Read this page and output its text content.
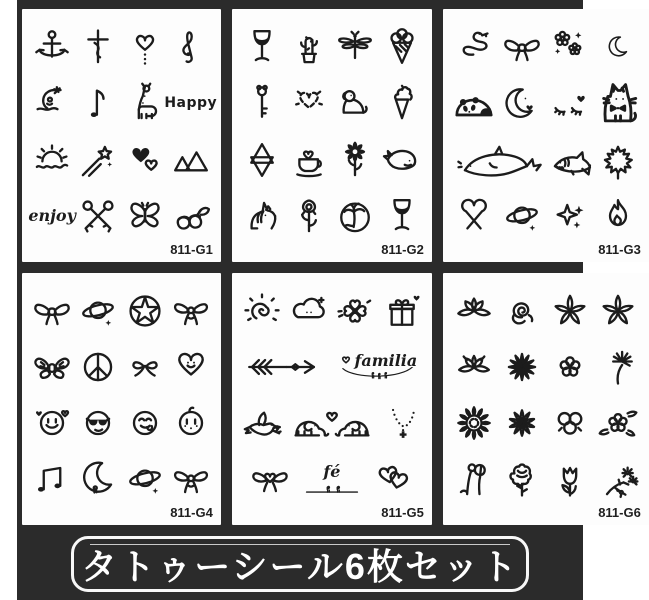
Happy
enjoy
811-G1	811-G2	811-G3
811-G4
familia
fé
811-G5	811-G6
タトゥーシール6枚セット
